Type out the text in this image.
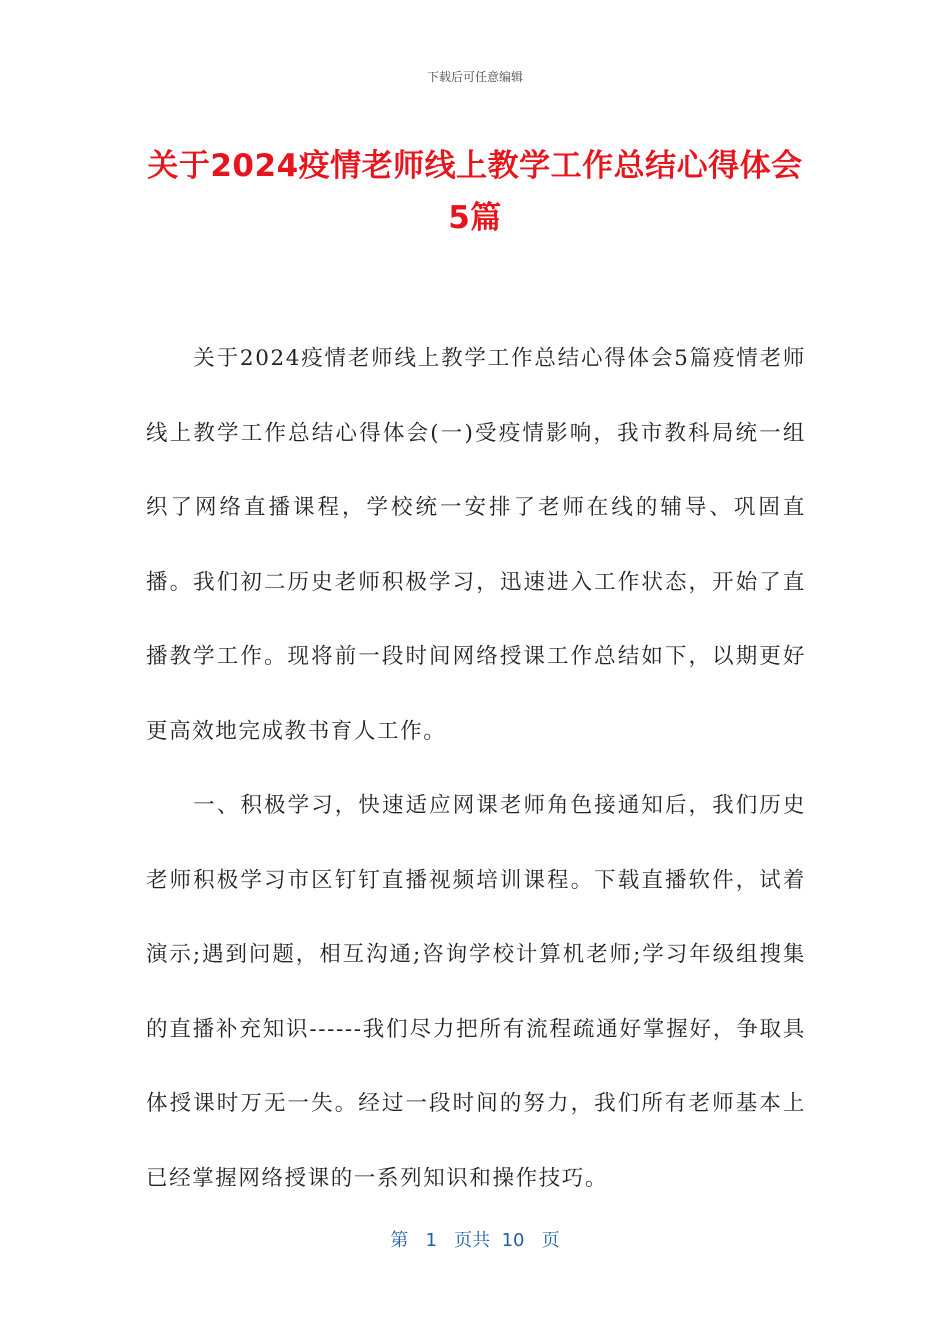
下载后可任意编辑
关于2024疫情老师线上教学工作总结心得体会5篇

关于2024疫情老师线上教学工作总结心得体会5篇疫情老师线上教学工作总结心得体会(一)受疫情影响，我市教科局统一组织了网络直播课程，学校统一安排了老师在线的辅导、巩固直播。我们初二历史老师积极学习，迅速进入工作状态，开始了直播教学工作。现将前一段时间网络授课工作总结如下，以期更好更高效地完成教书育人工作。

一、积极学习，快速适应网课老师角色接通知后，我们历史老师积极学习市区钉钉直播视频培训课程。下载直播软件，试着演示;遇到问题，相互沟通;咨询学校计算机老师;学习年级组搜集的直播补充知识------我们尽力把所有流程疏通好掌握好，争取具体授课时万无一失。经过一段时间的努力，我们所有老师基本上已经掌握网络授课的一系列知识和操作技巧。

第 1 页共 10 页
